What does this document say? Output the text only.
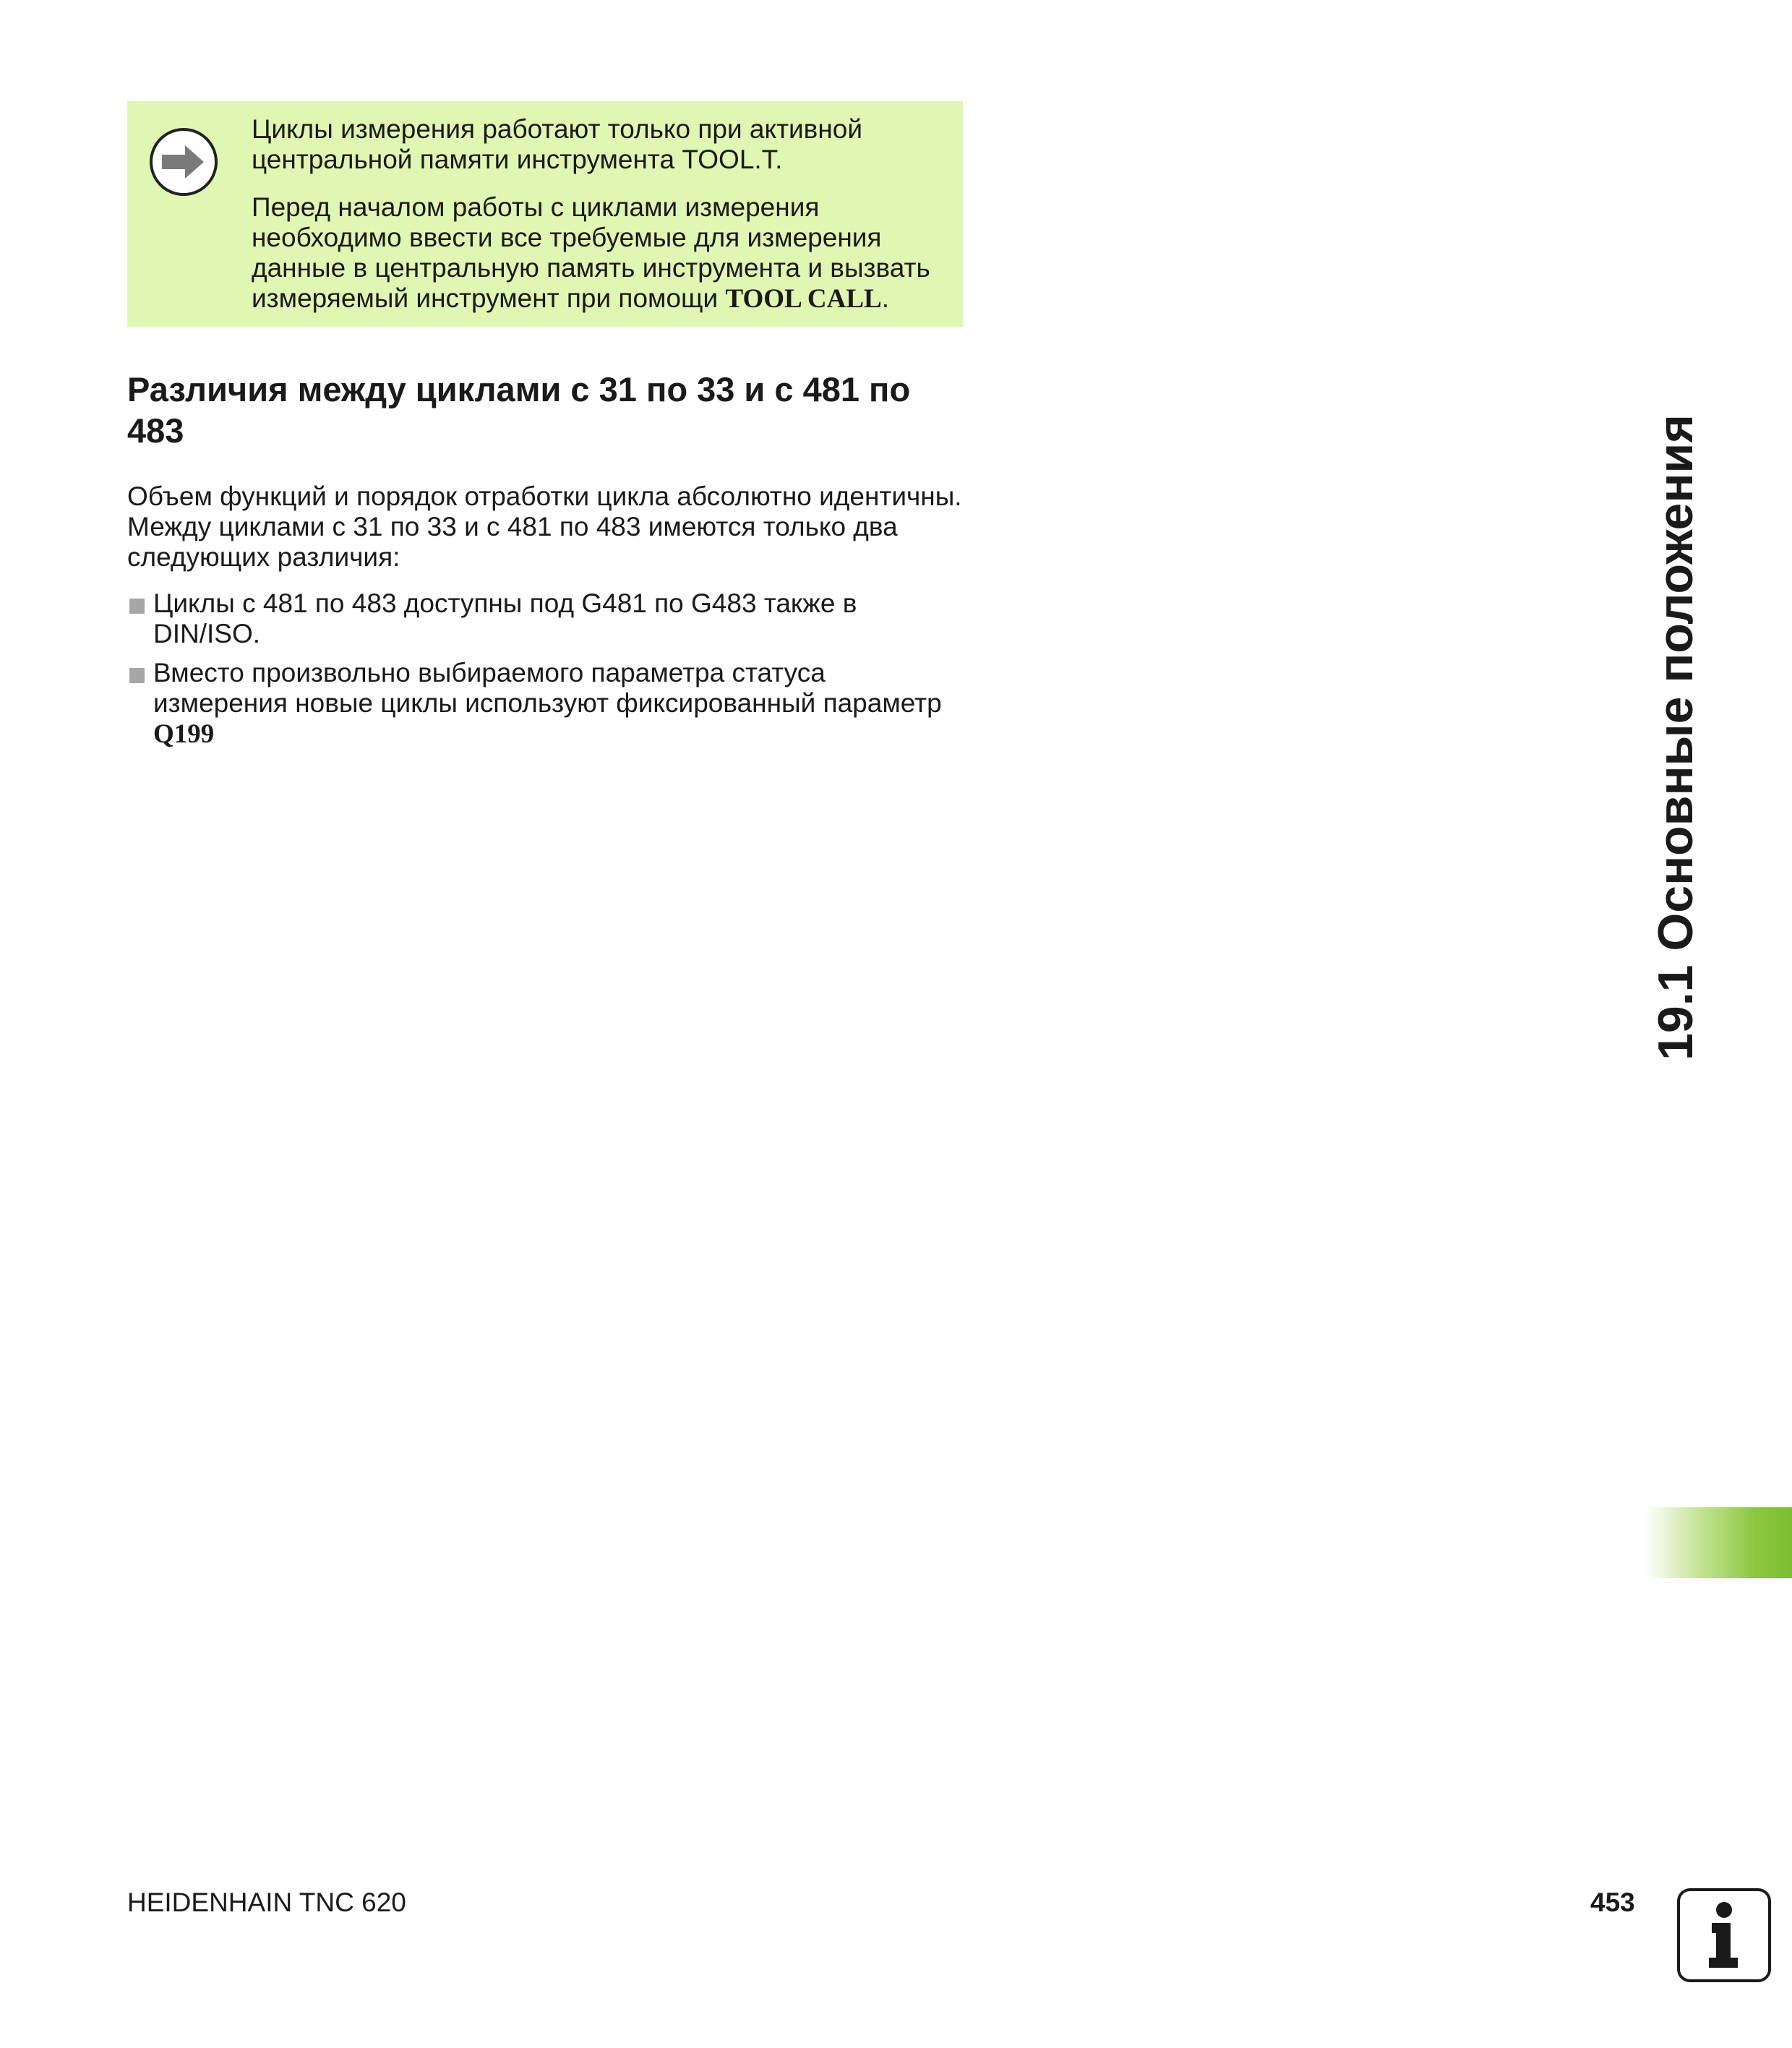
Циклы измерения работают только при активной центральной памяти инструмента TOOL.T.

Перед началом работы с циклами измерения необходимо ввести все требуемые для измерения данные в центральную память инструмента и вызвать измеряемый инструмент при помощи TOOL CALL.

Различия между циклами с 31 по 33 и с 481 по 483

Объем функций и порядок отработки цикла абсолютно идентичны. Между циклами с 31 по 33 и с 481 по 483 имеются только два следующих различия:

Циклы с 481 по 483 доступны под G481 по G483 также в DIN/ISO.
Вместо произвольно выбираемого параметра статуса измерения новые циклы используют фиксированный параметр Q199	19.1 Основные положения
HEIDENHAIN TNC 620	453
